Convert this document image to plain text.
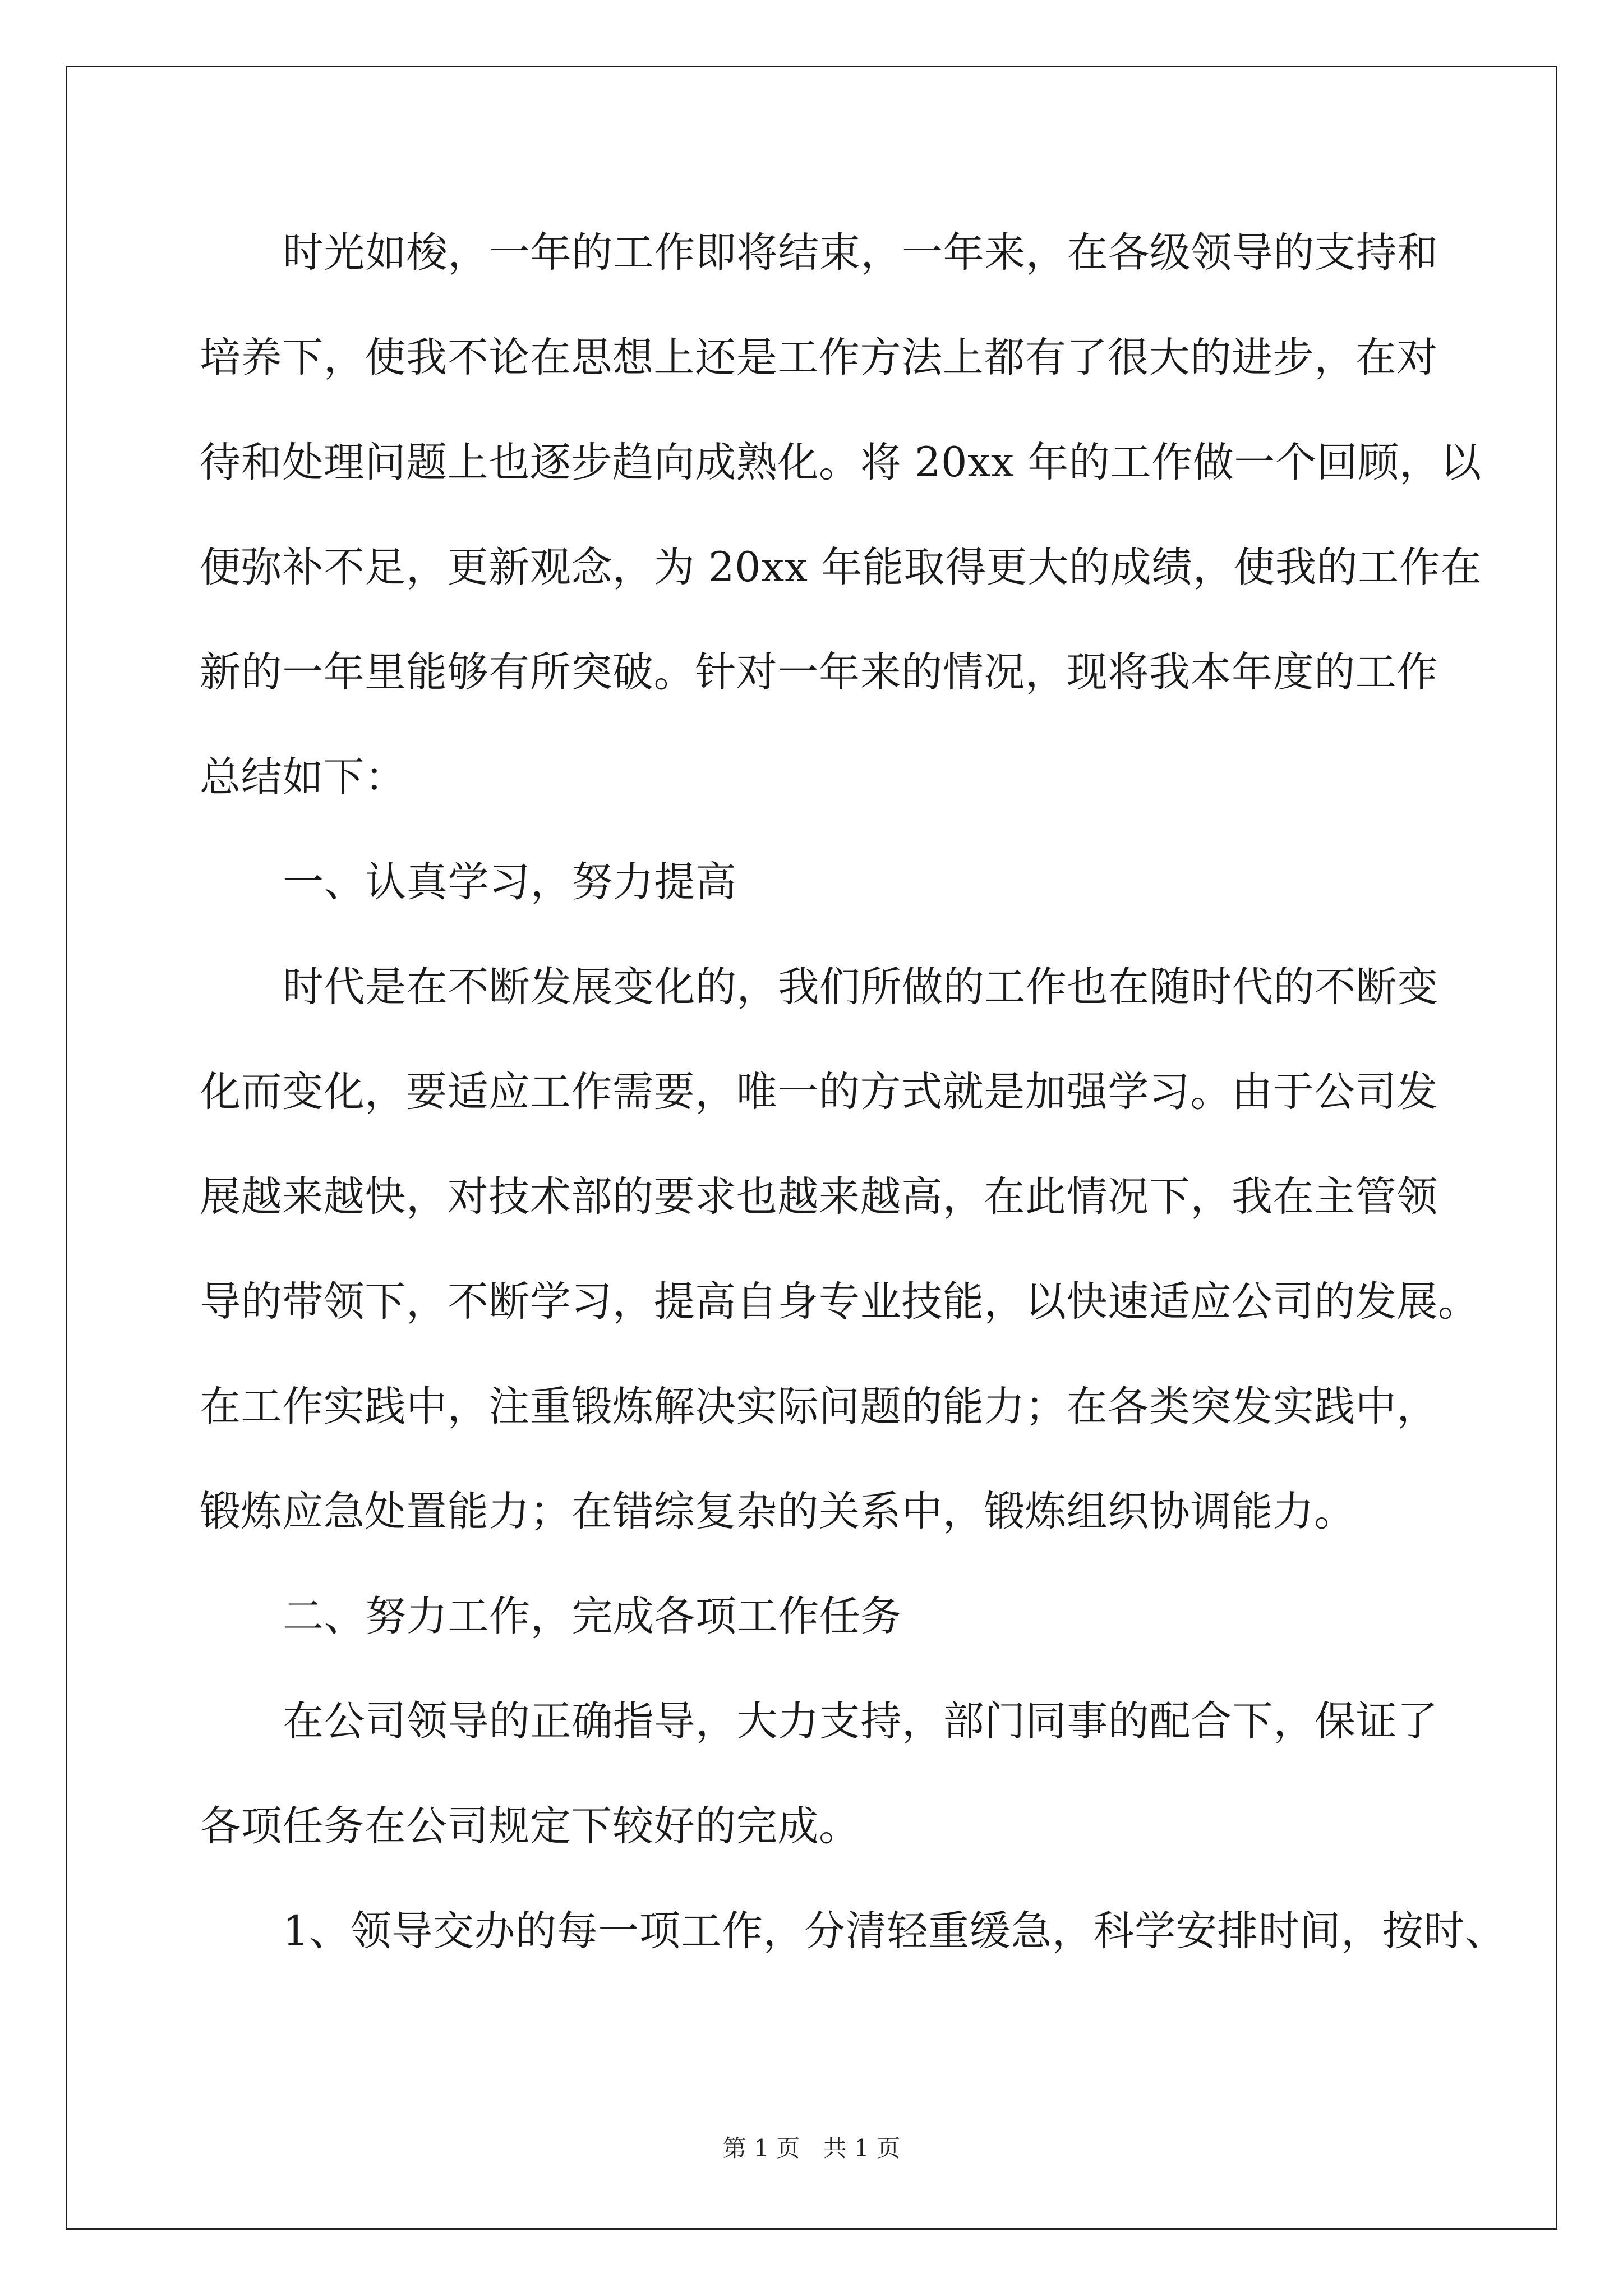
时光如梭，一年的工作即将结束，一年来，在各级领导的支持和
培养下，使我不论在思想上还是工作方法上都有了很大的进步，在对
待和处理问题上也逐步趋向成熟化。将 20xx 年的工作做一个回顾，以
便弥补不足，更新观念，为 20xx 年能取得更大的成绩，使我的工作在
新的一年里能够有所突破。针对一年来的情况，现将我本年度的工作
总结如下：
一、认真学习，努力提高
时代是在不断发展变化的，我们所做的工作也在随时代的不断变
化而变化，要适应工作需要，唯一的方式就是加强学习。由于公司发
展越来越快，对技术部的要求也越来越高，在此情况下，我在主管领
导的带领下，不断学习，提高自身专业技能，以快速适应公司的发展。
在工作实践中，注重锻炼解决实际问题的能力；在各类突发实践中，
锻炼应急处置能力；在错综复杂的关系中，锻炼组织协调能力。
二、努力工作，完成各项工作任务
在公司领导的正确指导，大力支持，部门同事的配合下，保证了
各项任务在公司规定下较好的完成。
1、领导交办的每一项工作，分清轻重缓急，科学安排时间，按时、
第 1 页 共 1 页
